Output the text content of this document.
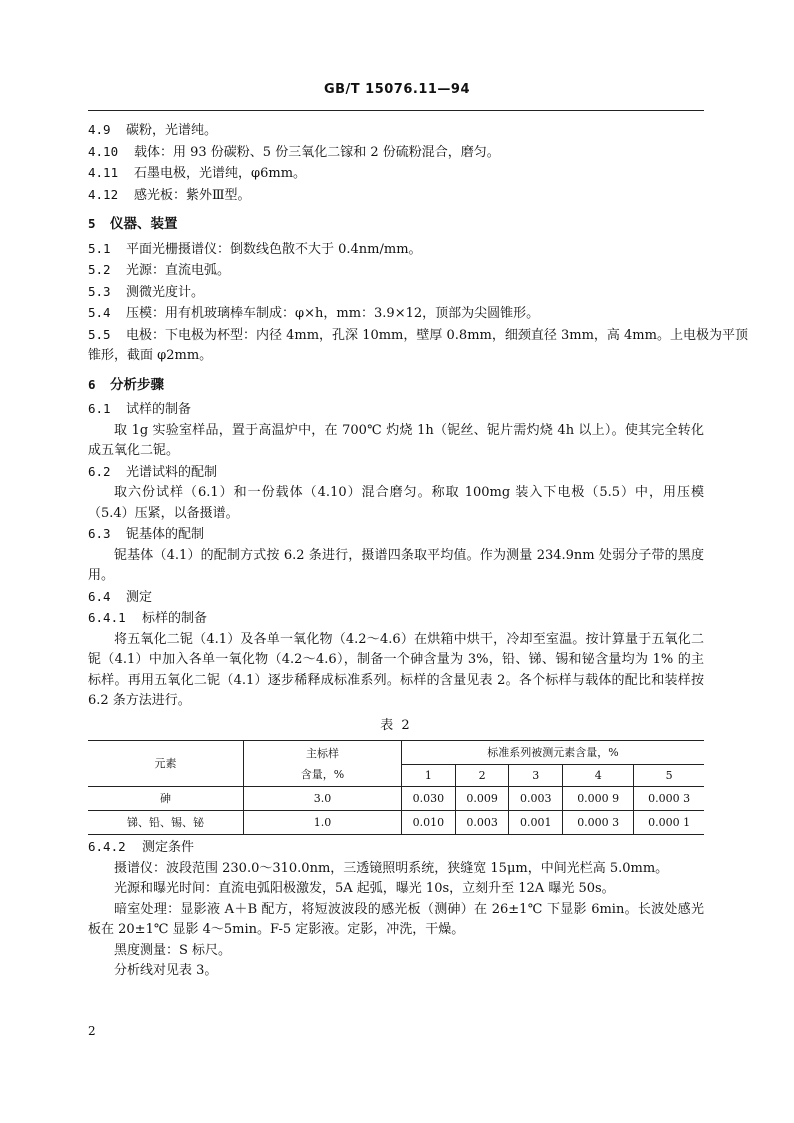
GB/T 15076.11—94
4.9 碳粉，光谱纯。
4.10 载体：用 93 份碳粉、5 份三氧化二镓和 2 份硫粉混合，磨匀。
4.11 石墨电极，光谱纯，φ6mm。
4.12 感光板：紫外Ⅲ型。
5 仪器、装置
5.1 平面光栅摄谱仪：倒数线色散不大于 0.4nm/mm。
5.2 光源：直流电弧。
5.3 测微光度计。
5.4 压模：用有机玻璃棒车制成：φ×h，mm：3.9×12，顶部为尖圆锥形。
5.5 电极：下电极为杯型：内径 4mm，孔深 10mm，壁厚 0.8mm，细颈直径 3mm，高 4mm。上电极为平顶
锥形，截面 φ2mm。
6 分析步骤
6.1 试样的制备
取 1g 实验室样品，置于高温炉中，在 700℃ 灼烧 1h（铌丝、铌片需灼烧 4h 以上）。使其完全转化成五氧化二铌。
6.2 光谱试料的配制
取六份试样（6.1）和一份载体（4.10）混合磨匀。称取 100mg 装入下电极（5.5）中，用压模（5.4）压紧，以备摄谱。
6.3 铌基体的配制
铌基体（4.1）的配制方式按 6.2 条进行，摄谱四条取平均值。作为测量 234.9nm 处弱分子带的黑度用。
6.4 测定
6.4.1 标样的制备
将五氧化二铌（4.1）及各单一氧化物（4.2～4.6）在烘箱中烘干，冷却至室温。按计算量于五氧化二铌（4.1）中加入各单一氧化物（4.2～4.6），制备一个砷含量为 3%，铅、锑、锡和铋含量均为 1% 的主标样。再用五氧化二铌（4.1）逐步稀释成标准系列。标样的含量见表 2。各个标样与载体的配比和装样按 6.2 条方法进行。
表 2
元素	主标样
含量，%	标准系列被测元素含量，%				
		1	2	3	4	5
砷	3.0	0.030	0.009	0.003	0.000 9	0.000 3
锑、铅、锡、铋	1.0	0.010	0.003	0.001	0.000 3	0.000 1
6.4.2 测定条件
摄谱仪：波段范围 230.0～310.0nm，三透镜照明系统，狭缝宽 15μm，中间光栏高 5.0mm。
光源和曝光时间：直流电弧阳极激发，5A 起弧，曝光 10s，立刻升至 12A 曝光 50s。
暗室处理：显影液 A＋B 配方，将短波波段的感光板（测砷）在 26±1℃ 下显影 6min。长波处感光板在 20±1℃ 显影 4～5min。F-5 定影液。定影，冲洗，干燥。
黑度测量：S 标尺。
分析线对见表 3。
2
